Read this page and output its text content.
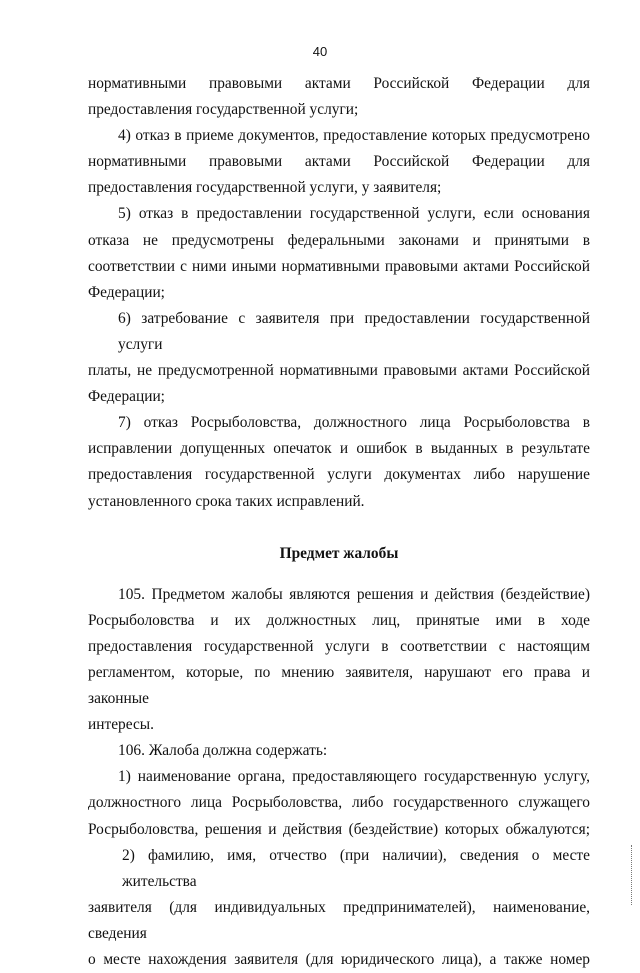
40

нормативными правовыми актами Российской Федерации для
предоставления государственной услуги;

4) отказ в приеме документов, предоставление которых предусмотрено
нормативными правовыми актами Российской Федерации для
предоставления государственной услуги, у заявителя;

5) отказ в предоставлении государственной услуги, если основания
отказа не предусмотрены федеральными законами и принятыми в
соответствии с ними иными нормативными правовыми актами Российской
Федерации;

6) затребование с заявителя при предоставлении государственной услуги
платы, не предусмотренной нормативными правовыми актами Российской
Федерации;

7) отказ Росрыболовства, должностного лица Росрыболовства в
исправлении допущенных опечаток и ошибок в выданных в результате
предоставления государственной услуги документах либо нарушение
установленного срока таких исправлений.

Предмет жалобы

105. Предметом жалобы являются решения и действия (бездействие)
Росрыболовства и их должностных лиц, принятые ими в ходе
предоставления государственной услуги в соответствии с настоящим
регламентом, которые, по мнению заявителя, нарушают его права и законные
интересы.

106. Жалоба должна содержать:

1) наименование органа, предоставляющего государственную услугу,
должностного лица Росрыболовства, либо государственного служащего
Росрыболовства, решения и действия (бездействие) которых обжалуются;

2) фамилию, имя, отчество (при наличии), сведения о месте жительства
заявителя (для индивидуальных предпринимателей), наименование, сведения
о месте нахождения заявителя (для юридического лица), а также номер
